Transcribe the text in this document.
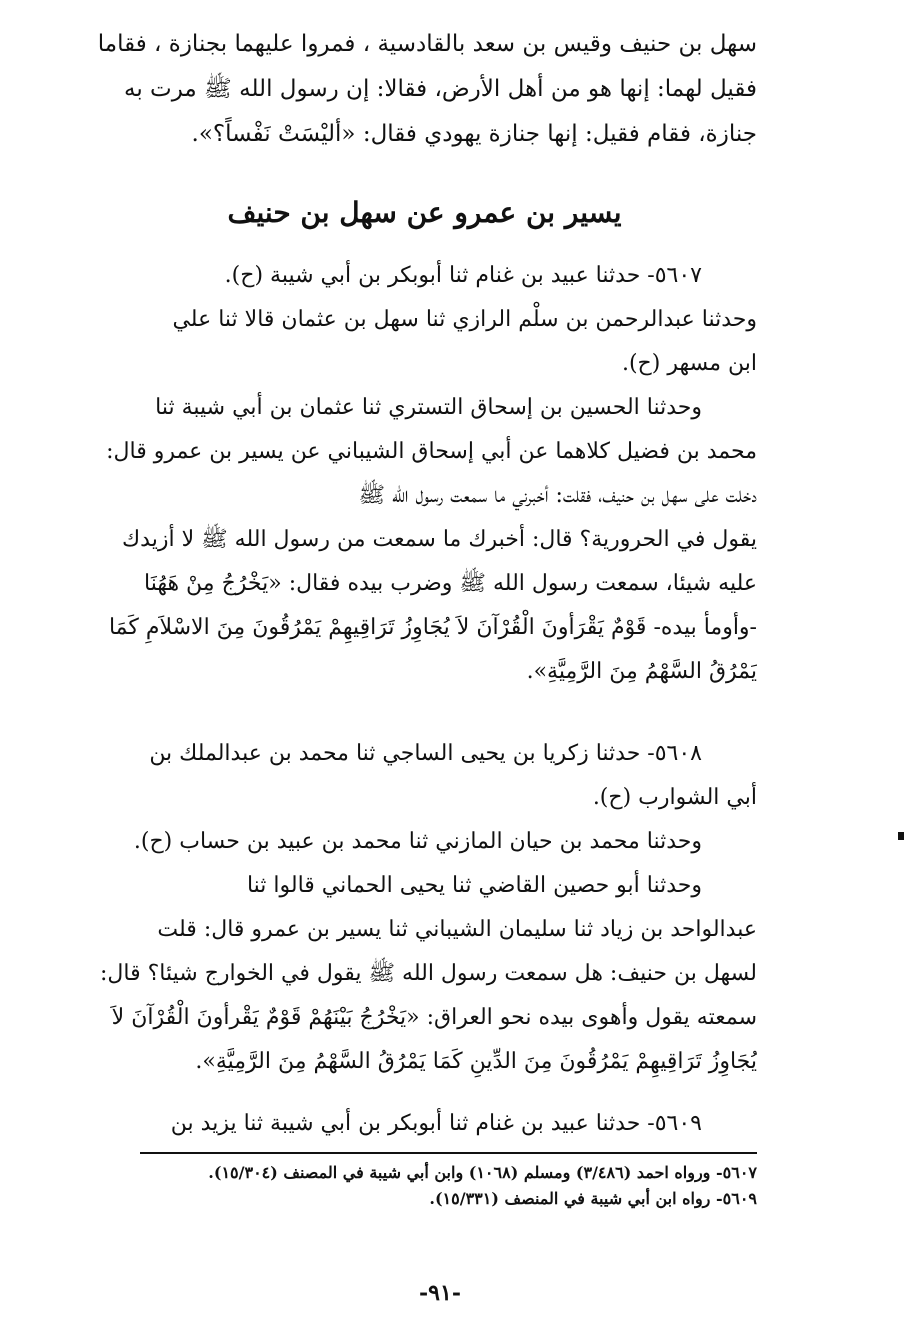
سهل بن حنيف وقيس بن سعد بالقادسية ، فمروا عليهما بجنازة ، فقاما
فقيل لهما: إنها هو من أهل الأرض، فقالا: إن رسول الله ﷺ مرت به
جنازة، فقام فقيل: إنها جنازة يهودي فقال: «أليْسَتْ نَفْساً؟».
يسير بن عمرو عن سهل بن حنيف
٥٦٠٧- حدثنا عبيد بن غنام ثنا أبوبكر بن أبي شيبة (ح).
وحدثنا عبدالرحمن بن سلْم الرازي ثنا سهل بن عثمان قالا ثنا علي
ابن مسهر (ح).
وحدثنا الحسين بن إسحاق التستري ثنا عثمان بن أبي شيبة ثنا
محمد بن فضيل كلاهما عن أبي إسحاق الشيباني عن يسير بن عمرو قال:
دخلت على سهل بن حنيف، فقلت: أخبرني ما سمعت رسول الله ﷺ
يقول في الحرورية؟ قال: أخبرك ما سمعت من رسول الله ﷺ لا أزيدك
عليه شيئا، سمعت رسول الله ﷺ وضرب بيده فقال: «يَخْرُجُ مِنْ هَهُنَا
-وأومأ بيده- قَوْمٌ يَقْرَأونَ الْقُرْآنَ لاَ يُجَاوِزُ تَرَاقِيهِمْ يَمْرُقُونَ مِنَ الاسْلاَمِ كَمَا
يَمْرُقُ السَّهْمُ مِنَ الرَّمِيَّةِ».
٥٦٠٨- حدثنا زكريا بن يحيى الساجي ثنا محمد بن عبدالملك بن
أبي الشوارب (ح).
وحدثنا محمد بن حيان المازني ثنا محمد بن عبيد بن حساب (ح).
وحدثنا أبو حصين القاضي ثنا يحيى الحماني قالوا ثنا
عبدالواحد بن زياد ثنا سليمان الشيباني ثنا يسير بن عمرو قال: قلت
لسهل بن حنيف: هل سمعت رسول الله ﷺ يقول في الخوارج شيئا؟ قال:
سمعته يقول وأهوى بيده نحو العراق: «يَخْرُجُ بَيْنَهُمْ قَوْمٌ يَقْرأونَ الْقُرْآنَ لاَ
يُجَاوِزُ تَرَاقِيهِمْ يَمْرُقُونَ مِنَ الدِّينِ كَمَا يَمْرُقُ السَّهْمُ مِنَ الرَّمِيَّةِ».
٥٦٠٩- حدثنا عبيد بن غنام ثنا أبوبكر بن أبي شيبة ثنا يزيد بن
٥٦٠٧- ورواه احمد (٣/٤٨٦) ومسلم (١٠٦٨) وابن أبي شيبة في المصنف (١٥/٣٠٤).
٥٦٠٩- رواه ابن أبي شيبة في المنصف (١٥/٣٣١).
-٩١-
